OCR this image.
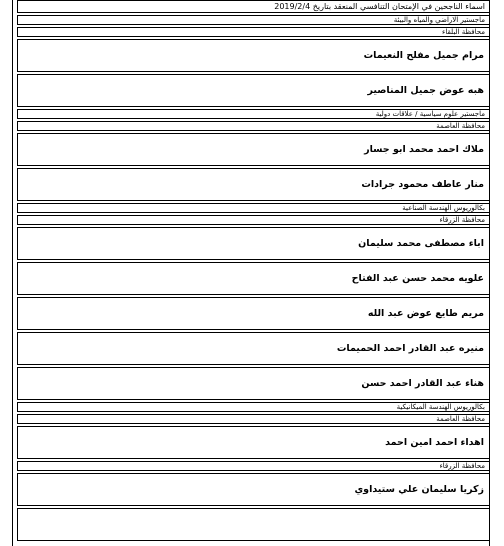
اسماء الناجحين في الإمتحان التنافسي المنعقد بتاريخ 2019/2/4
ماجستير الاراضي والمياه والبيئة
محافظة البلقاء
مرام جميل مفلح النعيمات
هبه عوض جميل المناصير
ماجستير علوم سياسية / علاقات دولية
محافظة العاصمة
ملاك احمد محمد ابو جسار
منار عاطف محمود جرادات
بكالوريوس الهندسة الصناعية
محافظة الزرقاء
اباء مصطفى محمد سليمان
علويه محمد حسن عبد الفتاح
مريم طايع عوض عبد الله
منيره عبد القادر احمد الحميمات
هناء عبد القادر احمد حسن
بكالوريوس الهندسة الميكانيكية
محافظة العاصمة
اهداء احمد امين احمد
محافظة الزرقاء
زكريا سليمان علي ستيداوي
